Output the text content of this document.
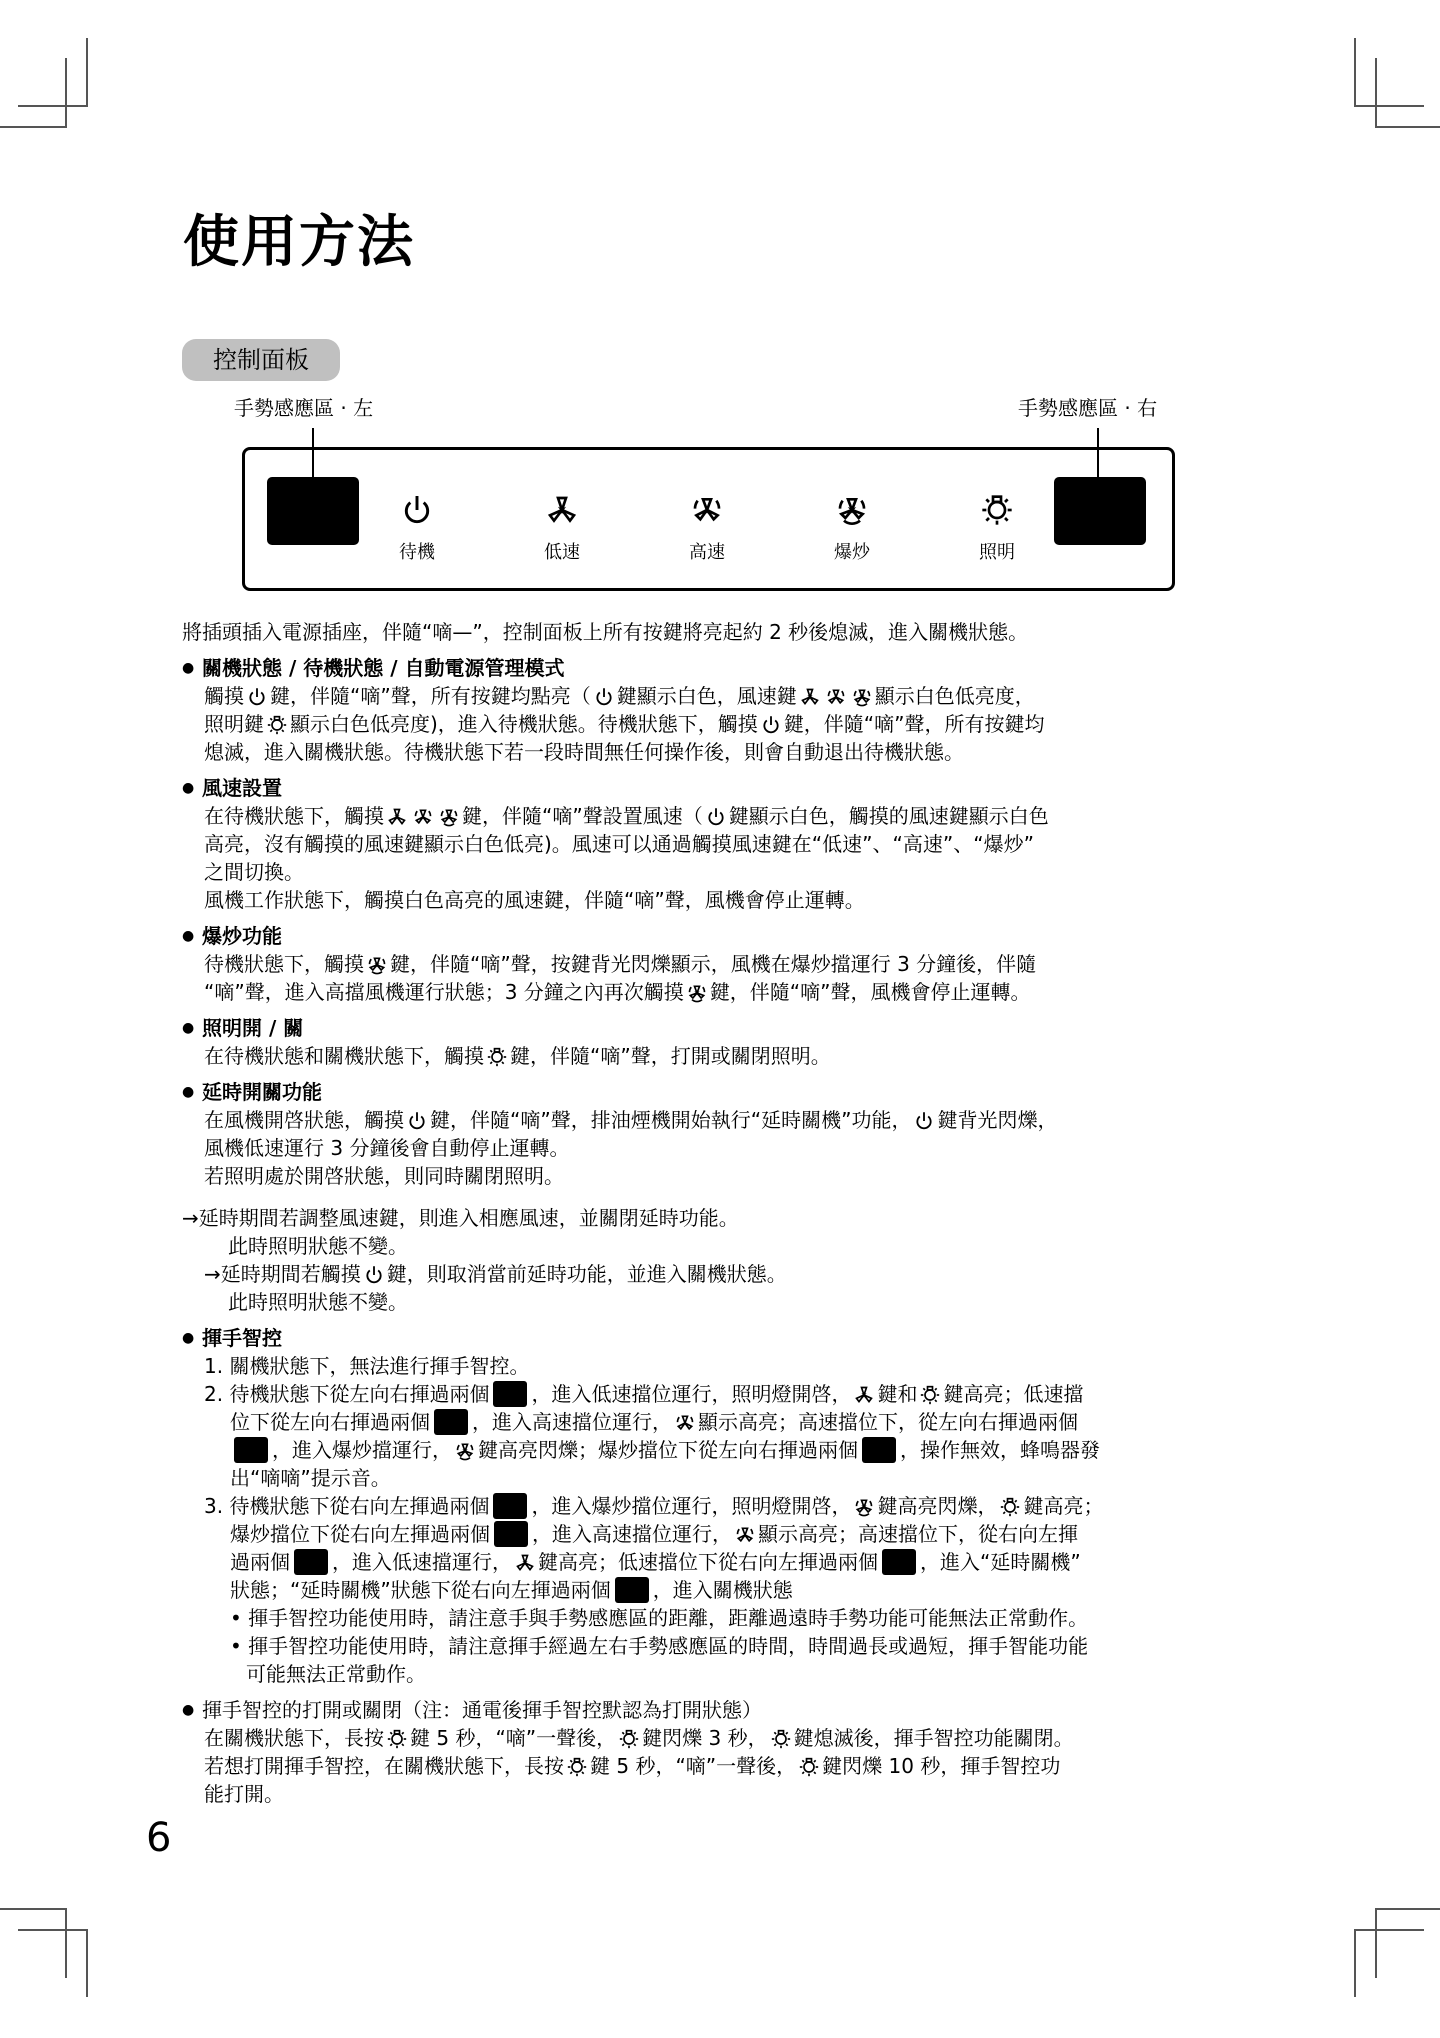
使用方法
控制面板
手勢感應區 · 左	手勢感應區 · 右
待機	低速	高速	爆炒	照明

將插頭插入電源插座，伴隨“嘀—”，控制面板上所有按鍵將亮起約 2 秒後熄滅，進入關機狀態。

● 關機狀態 / 待機狀態 / 自動電源管理模式

觸摸 鍵，伴隨“嘀”聲，所有按鍵均點亮（ 鍵顯示白色，風速鍵	顯示白色低亮度，

照明鍵 顯示白色低亮度)，進入待機狀態。待機狀態下，觸摸 鍵，伴隨“嘀”聲，所有按鍵均

熄滅，進入關機狀態。待機狀態下若一段時間無任何操作後，則會自動退出待機狀態。

● 風速設置

在待機狀態下，觸摸	鍵，伴隨“嘀”聲設置風速（ 鍵顯示白色，觸摸的風速鍵顯示白色

高亮，沒有觸摸的風速鍵顯示白色低亮)。風速可以通過觸摸風速鍵在“低速”、“高速”、“爆炒”

之間切換。

風機工作狀態下，觸摸白色高亮的風速鍵，伴隨“嘀”聲，風機會停止運轉。

● 爆炒功能

待機狀態下，觸摸 鍵，伴隨“嘀”聲，按鍵背光閃爍顯示，風機在爆炒擋運行 3 分鐘後，伴隨

“嘀”聲，進入高擋風機運行狀態；3 分鐘之內再次觸摸 鍵，伴隨“嘀”聲，風機會停止運轉。

● 照明開 / 關

在待機狀態和關機狀態下，觸摸 鍵，伴隨“嘀”聲，打開或關閉照明。

● 延時開關功能

在風機開啓狀態，觸摸 鍵，伴隨“嘀”聲，排油煙機開始執行“延時關機”功能， 鍵背光閃爍，

風機低速運行 3 分鐘後會自動停止運轉。

若照明處於開啓狀態，則同時關閉照明。

→延時期間若調整風速鍵，則進入相應風速，並關閉延時功能。

此時照明狀態不變。

→延時期間若觸摸 鍵，則取消當前延時功能，並進入關機狀態。

此時照明狀態不變。

● 揮手智控

1. 關機狀態下，無法進行揮手智控。

2. 待機狀態下從左向右揮過兩個 ，進入低速擋位運行，照明燈開啓， 鍵和 鍵高亮；低速擋

位下從左向右揮過兩個 ，進入高速擋位運行， 顯示高亮；高速擋位下，從左向右揮過兩個

，進入爆炒擋運行， 鍵高亮閃爍；爆炒擋位下從左向右揮過兩個 ，操作無效，蜂鳴器發

出“嘀嘀”提示音。

3. 待機狀態下從右向左揮過兩個 ，進入爆炒擋位運行，照明燈開啓， 鍵高亮閃爍， 鍵高亮；

爆炒擋位下從右向左揮過兩個 ，進入高速擋位運行， 顯示高亮；高速擋位下，從右向左揮

過兩個 ，進入低速擋運行， 鍵高亮；低速擋位下從右向左揮過兩個 ，進入“延時關機”

狀態；“延時關機”狀態下從右向左揮過兩個 ，進入關機狀態

• 揮手智控功能使用時，請注意手與手勢感應區的距離，距離過遠時手勢功能可能無法正常動作。

• 揮手智控功能使用時，請注意揮手經過左右手勢感應區的時間，時間過長或過短，揮手智能功能

可能無法正常動作。

● 揮手智控的打開或關閉（注：通電後揮手智控默認為打開狀態）

在關機狀態下，長按 鍵 5 秒，“嘀”一聲後， 鍵閃爍 3 秒， 鍵熄滅後，揮手智控功能關閉。

若想打開揮手智控，在關機狀態下，長按 鍵 5 秒，“嘀”一聲後， 鍵閃爍 10 秒，揮手智控功

能打開。

6
